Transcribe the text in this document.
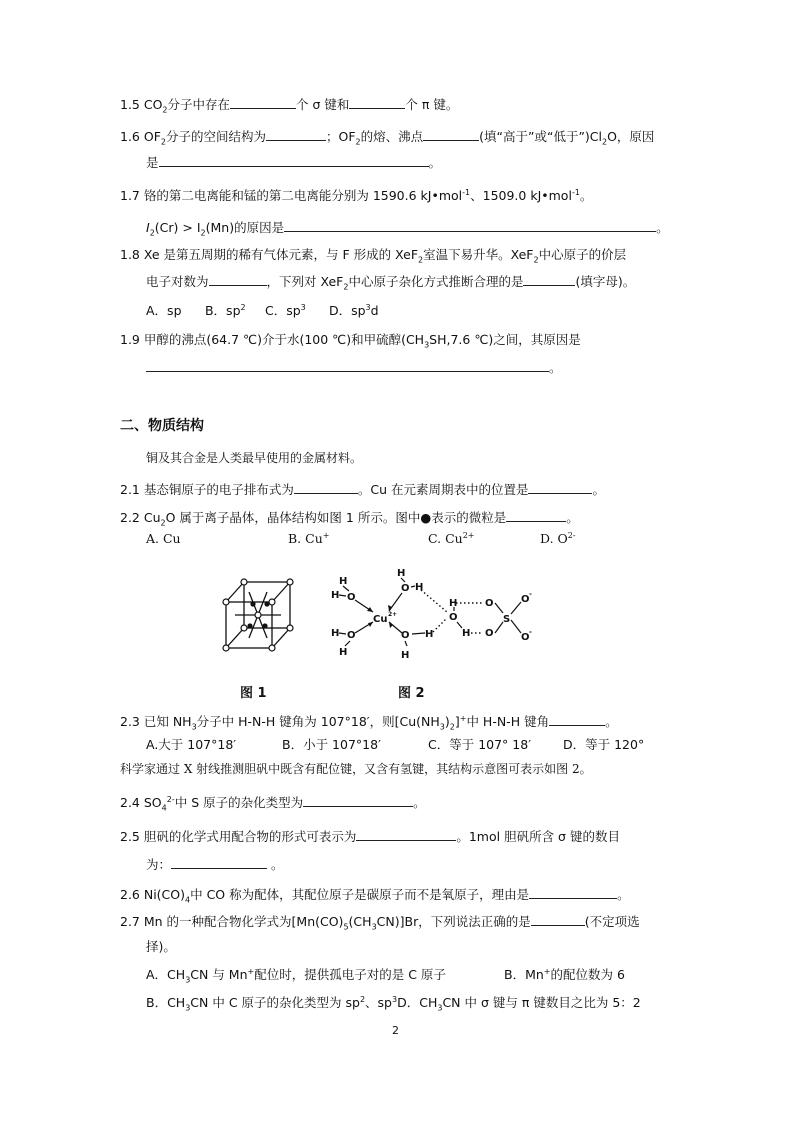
1.5 $CO_2$分子中存在	个 σ 键和	个 π 键。
1.6 $OF_2$分子的空间结构为	；$OF_2$的熔、沸点	(填“高于”或“低于$”)Cl_2O$，原因
是	。
1.7 铬的第二电离能和锰的第二电离能分别为 1590.6 kJ•mol$^{-1}$、1509.0 kJ•mol$^{-1}$。
$I_2(Cr) > I_2(Mn)$的原因是	。
1.8 Xe 是第五周期的稀有气体元素，与 F 形成的 XeF$_2$室温下易升华。XeF$_2$中心原子的价层
电子对数为	，下列对 XeF$_2$中心原子杂化方式推断合理的是	(填字母)。
A．sp B．$sp^2$ C．$sp^3$ D．$sp^3d$
1.9 甲醇的沸点(64.7 ℃)介于水(100 ℃)和甲硫醇($CH_3SH,7.6$ ℃)之间，其原因是
。
二、物质结构
铜及其合金是人类最早使用的金属材料。
2.1 基态铜原子的电子排布式为	。Cu 在元素周期表中的位置是	。
2.2 $Cu_2O$ 属于离子晶体，晶体结构如图 1 所示。图中●表示的微粒是	。
A. Cu	B. Cu+	C. $Cu^{2+}$	D. $O^{2-}$
图 1
H
H O
H
O H
Cu 2+
H O	O H
H	H
H
O
H
O
O
S
O -
O -
图 2
2.3 已知 $NH_3$分子中 H-N-H 键角为 107°18′，则$[Cu(NH_3)_2]^+$中 H-N-H 键角	。
A.大于 107°18′	B．小于 107°18′	C．等于 107° 18′	D．等于 120°
科学家通过 X 射线推测胆矾中既含有配位键，又含有氢键，其结构示意图可表示如图 2。
2.4 $SO_4^{2-}$中 S 原子的杂化类型为	。
2.5 胆矾的化学式用配合物的形式可表示为	。1mol 胆矾所含 σ 键的数目
为：	。
2.6 $Ni(CO)_4$中 CO 称为配体，其配位原子是碳原子而不是氧原子，理由是	。
2.7 Mn 的一种配合物化学式为$[Mn(CO)_5(CH_3CN)]Br$，下列说法正确的是	(不定项选
择)。
A．$CH_3CN$ 与 Mn+配位时，提供孤电子对的是 C 原子	B．Mn+的配位数为 6
B．$CH_3CN$ 中 C 原子的杂化类型为 $sp^2$、$sp^3D$．$CH_3CN$ 中 σ 键与 π 键数目之比为 5：2
2
